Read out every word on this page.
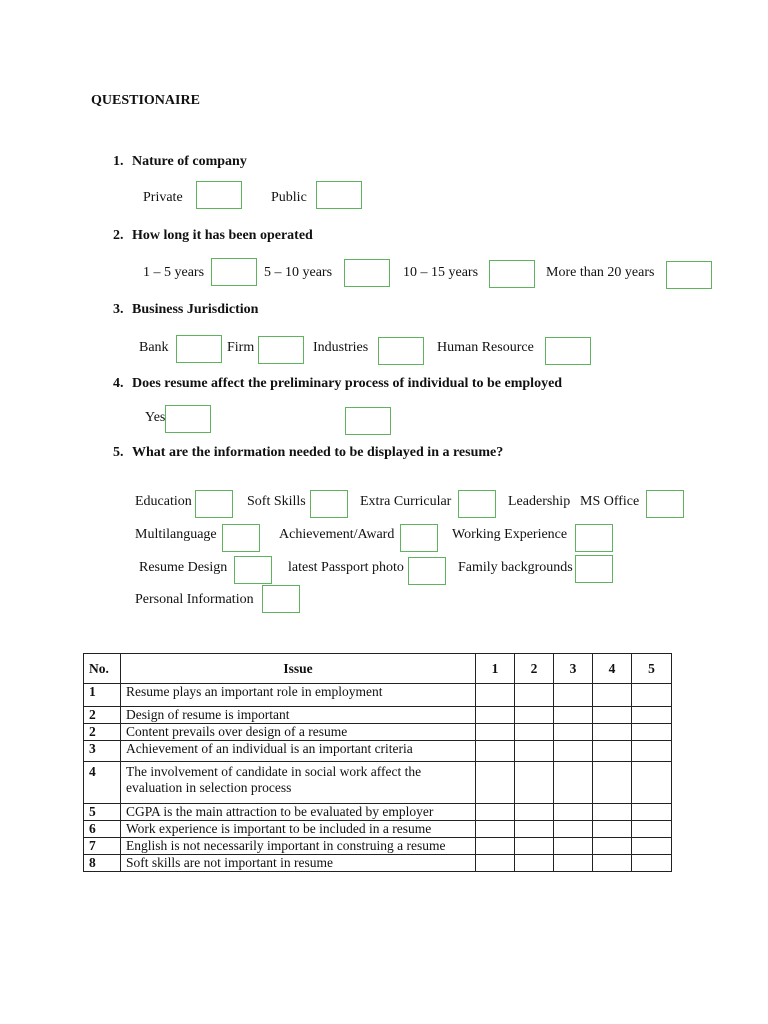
QUESTIONAIRE
1. Nature of company
Private	Public
2. How long it has been operated
1 – 5 years	5 – 10 years	10 – 15 years	More than 20 years
3. Business Jurisdiction
Bank	Firm	Industries	Human Resource
4. Does resume affect the preliminary process of individual to be employed
Yes
5. What are the information needed to be displayed in a resume?
Education	Soft Skills	Extra Curricular	Leadership MS Office
Multilanguage	Achievement/Award	Working Experience
Resume Design	latest Passport photo	Family backgrounds
Personal Information
No.	Issue	1	2	3	4	5
1	Resume plays an important role in employment					
2	Design of resume is important					
2	Content prevails over design of a resume					
3	Achievement of an individual is an important criteria					
4	The involvement of candidate in social work affect the evaluation in selection process					
5	CGPA is the main attraction to be evaluated by employer					
6	Work experience is important to be included in a resume					
7	English is not necessarily important in construing a resume					
8	Soft skills are not important in resume					
